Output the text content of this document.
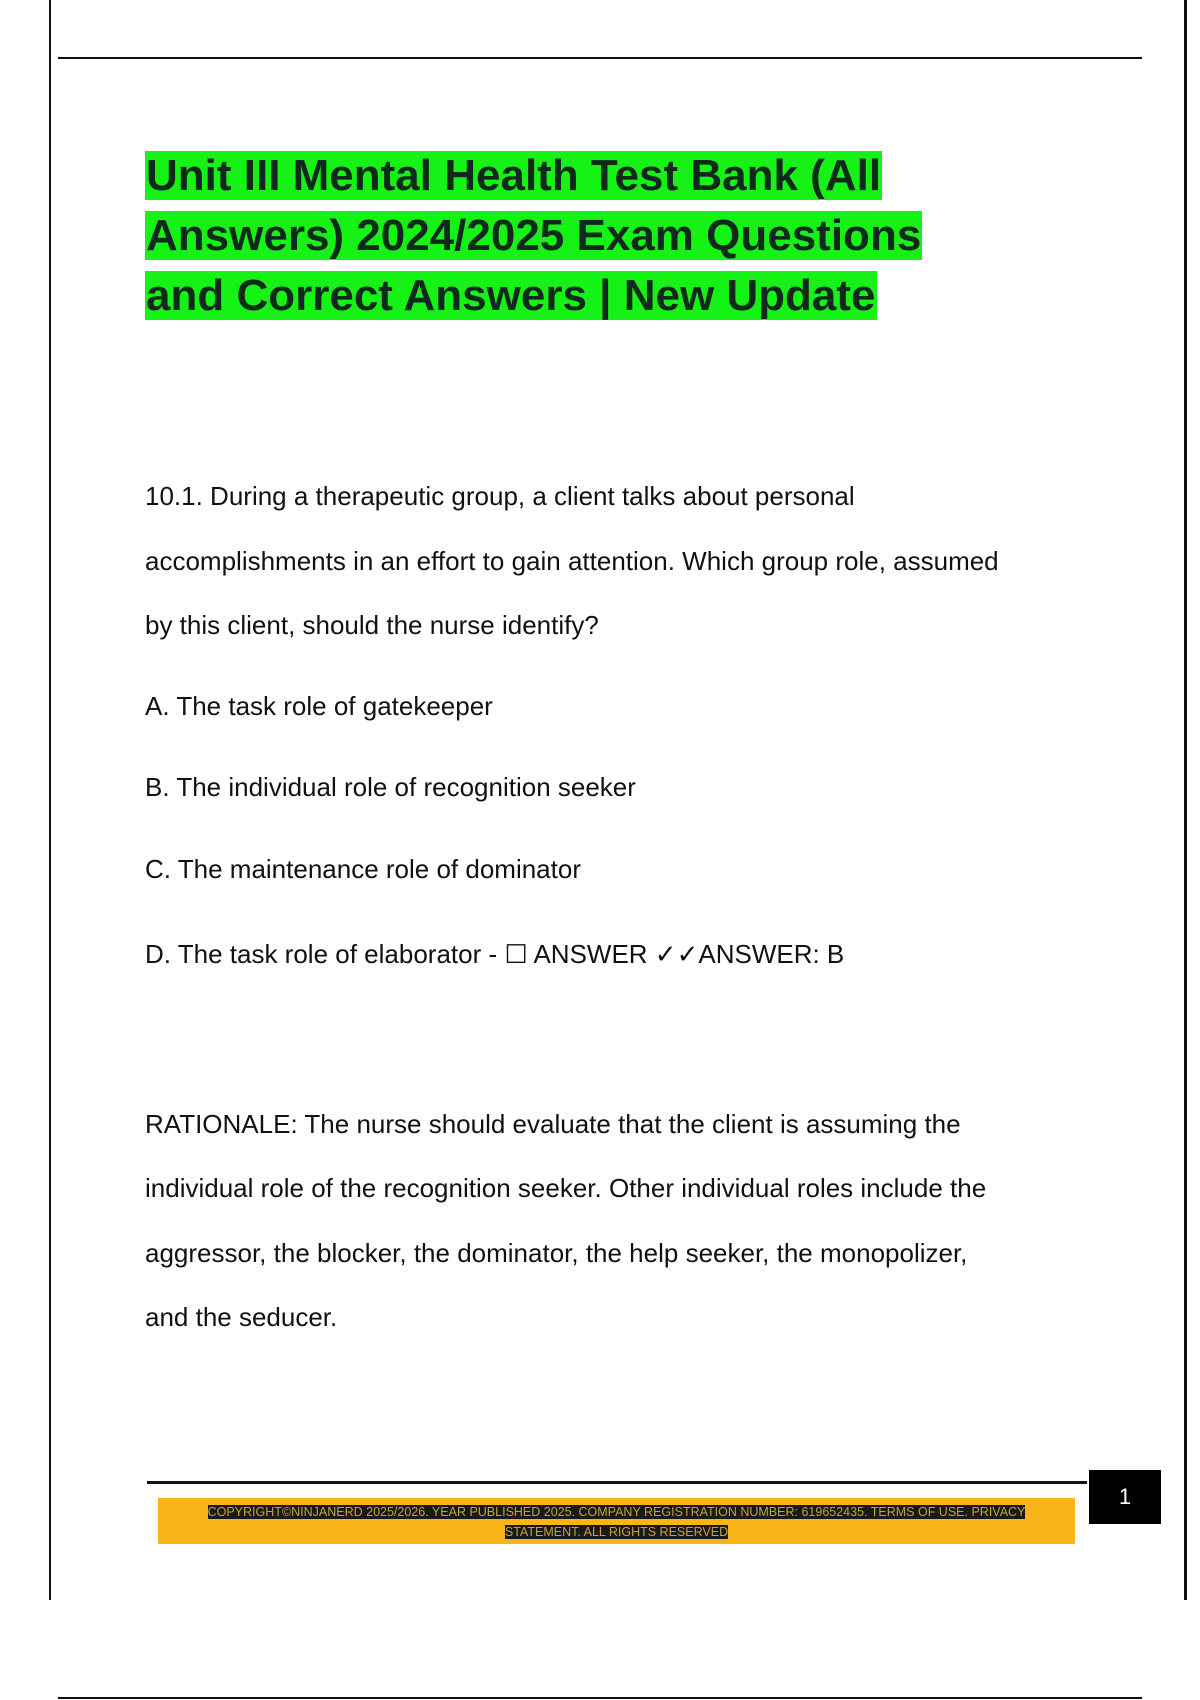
Unit III Mental Health Test Bank (All
Answers) 2024/2025 Exam Questions
and Correct Answers | New Update
10.1. During a therapeutic group, a client talks about personal
accomplishments in an effort to gain attention. Which group role, assumed
by this client, should the nurse identify?
A. The task role of gatekeeper
B. The individual role of recognition seeker
C. The maintenance role of dominator
D. The task role of elaborator - ☐ ANSWER ✓✓ANSWER: B
RATIONALE: The nurse should evaluate that the client is assuming the
individual role of the recognition seeker. Other individual roles include the
aggressor, the blocker, the dominator, the help seeker, the monopolizer,
and the seducer.
1
COPYRIGHT©NINJANERD 2025/2026. YEAR PUBLISHED 2025. COMPANY REGISTRATION NUMBER: 619652435. TERMS OF USE. PRIVACY
STATEMENT. ALL RIGHTS RESERVED
